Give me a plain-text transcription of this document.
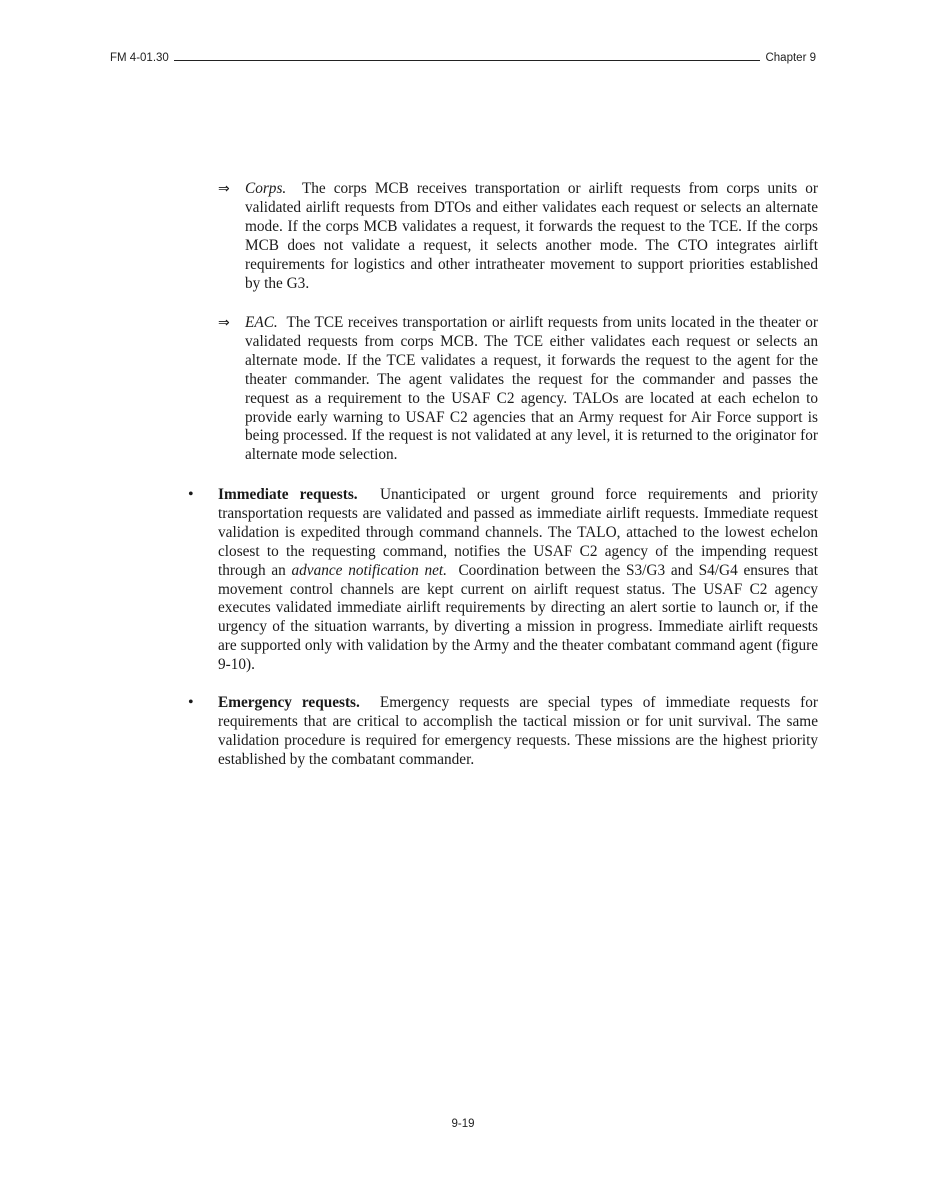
FM 4-01.30	Chapter 9
⇒ Corps. The corps MCB receives transportation or airlift requests from corps units or validated airlift requests from DTOs and either validates each request or selects an alternate mode. If the corps MCB validates a request, it forwards the request to the TCE. If the corps MCB does not validate a request, it selects another mode. The CTO integrates airlift requirements for logistics and other intratheater movement to support priorities established by the G3.
⇒ EAC. The TCE receives transportation or airlift requests from units located in the theater or validated requests from corps MCB. The TCE either validates each request or selects an alternate mode. If the TCE validates a request, it forwards the request to the agent for the theater commander. The agent validates the request for the commander and passes the request as a requirement to the USAF C2 agency. TALOs are located at each echelon to provide early warning to USAF C2 agencies that an Army request for Air Force support is being processed. If the request is not validated at any level, it is returned to the originator for alternate mode selection.
•	Immediate requests. Unanticipated or urgent ground force requirements and priority transportation requests are validated and passed as immediate airlift requests. Immediate request validation is expedited through command channels. The TALO, attached to the lowest echelon closest to the requesting command, notifies the USAF C2 agency of the impending request through an advance notification net. Coordination between the S3/G3 and S4/G4 ensures that movement control channels are kept current on airlift request status. The USAF C2 agency executes validated immediate airlift requirements by directing an alert sortie to launch or, if the urgency of the situation warrants, by diverting a mission in progress. Immediate airlift requests are supported only with validation by the Army and the theater combatant command agent (figure 9-10).
•	Emergency requests. Emergency requests are special types of immediate requests for requirements that are critical to accomplish the tactical mission or for unit survival. The same validation procedure is required for emergency requests. These missions are the highest priority established by the combatant commander.
9-19
